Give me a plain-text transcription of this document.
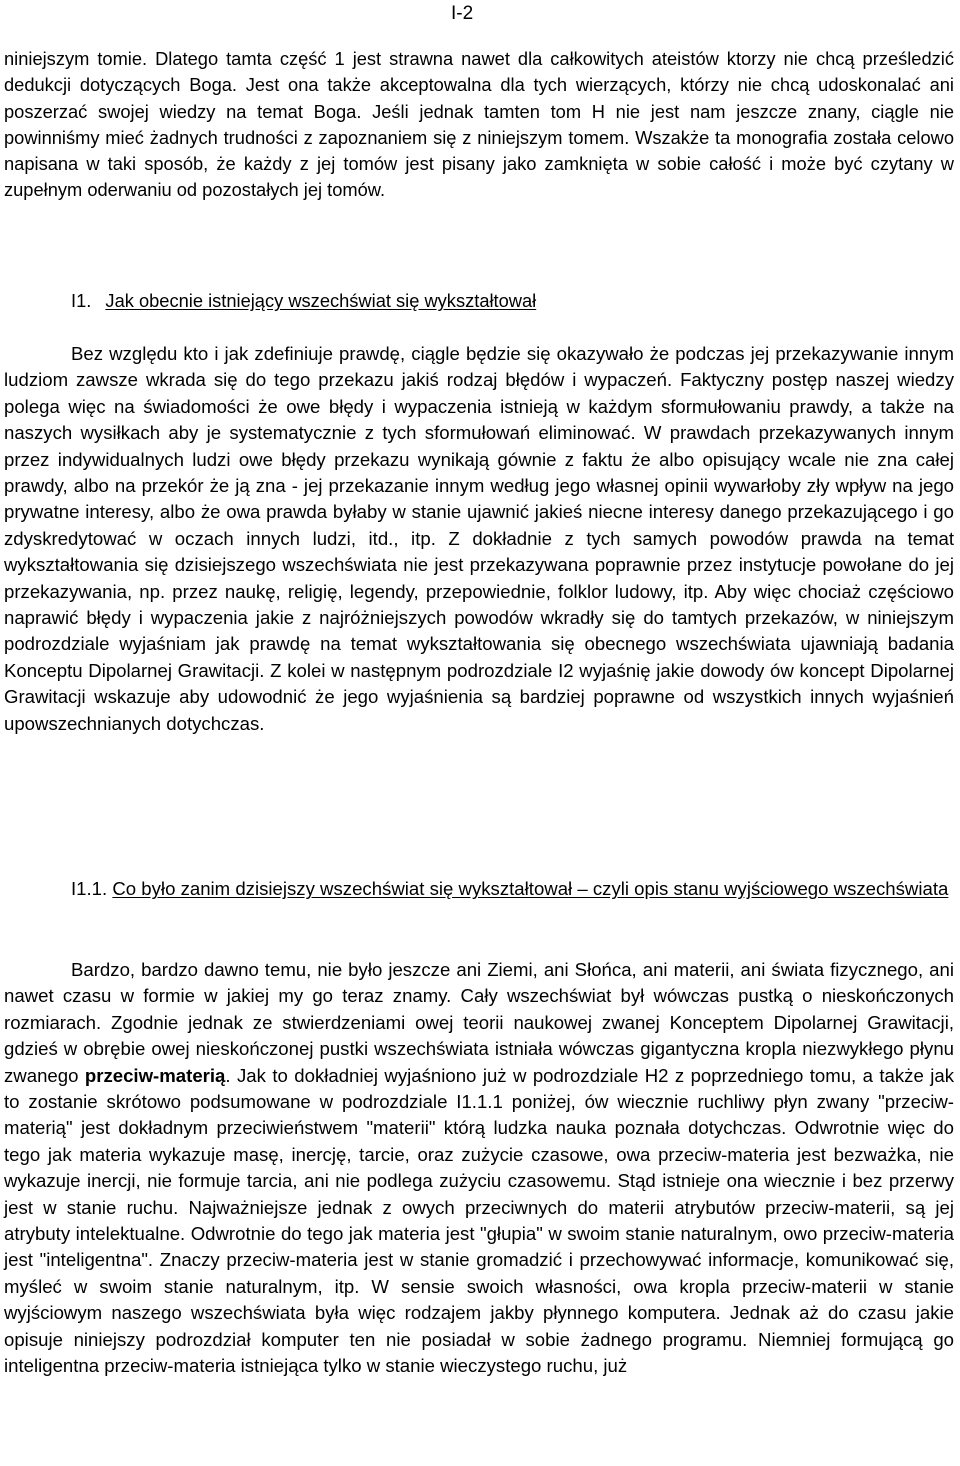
I-2

niniejszym tomie. Dlatego tamta część 1 jest strawna nawet dla całkowitych ateistów ktorzy nie chcą prześledzić dedukcji dotyczących Boga. Jest ona także akceptowalna dla tych wierzących, którzy nie chcą udoskonalać ani poszerzać swojej wiedzy na temat Boga. Jeśli jednak tamten tom H nie jest nam jeszcze znany, ciągle nie powinniśmy mieć żadnych trudności z zapoznaniem się z niniejszym tomem. Wszakże ta monografia została celowo napisana w taki sposób, że każdy z jej tomów jest pisany jako zamknięta w sobie całość i może być czytany w zupełnym oderwaniu od pozostałych jej tomów.

I1. Jak obecnie istniejący wszechświat się wykształtował

Bez względu kto i jak zdefiniuje prawdę, ciągle będzie się okazywało że podczas jej przekazywanie innym ludziom zawsze wkrada się do tego przekazu jakiś rodzaj błędów i wypaczeń. Faktyczny postęp naszej wiedzy polega więc na świadomości że owe błędy i wypaczenia istnieją w każdym sformułowaniu prawdy, a także na naszych wysiłkach aby je systematycznie z tych sformułowań eliminować. W prawdach przekazywanych innym przez indywidualnych ludzi owe błędy przekazu wynikają gównie z faktu że albo opisujący wcale nie zna całej prawdy, albo na przekór że ją zna - jej przekazanie innym według jego własnej opinii wywarłoby zły wpływ na jego prywatne interesy, albo że owa prawda byłaby w stanie ujawnić jakieś niecne interesy danego przekazującego i go zdyskredytować w oczach innych ludzi, itd., itp. Z dokładnie z tych samych powodów prawda na temat wykształtowania się dzisiejszego wszechświata nie jest przekazywana poprawnie przez instytucje powołane do jej przekazywania, np. przez naukę, religię, legendy, przepowiednie, folklor ludowy, itp. Aby więc chociaż częściowo naprawić błędy i wypaczenia jakie z najróżniejszych powodów wkradły się do tamtych przekazów, w niniejszym podrozdziale wyjaśniam jak prawdę na temat wykształtowania się obecnego wszechświata ujawniają badania Konceptu Dipolarnej Grawitacji. Z kolei w następnym podrozdziale I2 wyjaśnię jakie dowody ów koncept Dipolarnej Grawitacji wskazuje aby udowodnić że jego wyjaśnienia są bardziej poprawne od wszystkich innych wyjaśnień upowszechnianych dotychczas.

I1.1. Co było zanim dzisiejszy wszechświat się wykształtował – czyli opis stanu wyjściowego wszechświata

Bardzo, bardzo dawno temu, nie było jeszcze ani Ziemi, ani Słońca, ani materii, ani świata fizycznego, ani nawet czasu w formie w jakiej my go teraz znamy. Cały wszechświat był wówczas pustką o nieskończonych rozmiarach. Zgodnie jednak ze stwierdzeniami owej teorii naukowej zwanej Konceptem Dipolarnej Grawitacji, gdzieś w obrębie owej nieskończonej pustki wszechświata istniała wówczas gigantyczna kropla niezwykłego płynu zwanego przeciw-materią. Jak to dokładniej wyjaśniono już w podrozdziale H2 z poprzedniego tomu, a także jak to zostanie skrótowo podsumowane w podrozdziale I1.1.1 poniżej, ów wiecznie ruchliwy płyn zwany "przeciw-materią" jest dokładnym przeciwieństwem "materii" którą ludzka nauka poznała dotychczas. Odwrotnie więc do tego jak materia wykazuje masę, inercję, tarcie, oraz zużycie czasowe, owa przeciw-materia jest bezważka, nie wykazuje inercji, nie formuje tarcia, ani nie podlega zużyciu czasowemu. Stąd istnieje ona wiecznie i bez przerwy jest w stanie ruchu. Najważniejsze jednak z owych przeciwnych do materii atrybutów przeciw-materii, są jej atrybuty intelektualne. Odwrotnie do tego jak materia jest "głupia" w swoim stanie naturalnym, owo przeciw-materia jest "inteligentna". Znaczy przeciw-materia jest w stanie gromadzić i przechowywać informacje, komunikować się, myśleć w swoim stanie naturalnym, itp. W sensie swoich własności, owa kropla przeciw-materii w stanie wyjściowym naszego wszechświata była więc rodzajem jakby płynnego komputera. Jednak aż do czasu jakie opisuje niniejszy podrozdział komputer ten nie posiadał w sobie żadnego programu. Niemniej formującą go inteligentna przeciw-materia istniejąca tylko w stanie wieczystego ruchu, już
